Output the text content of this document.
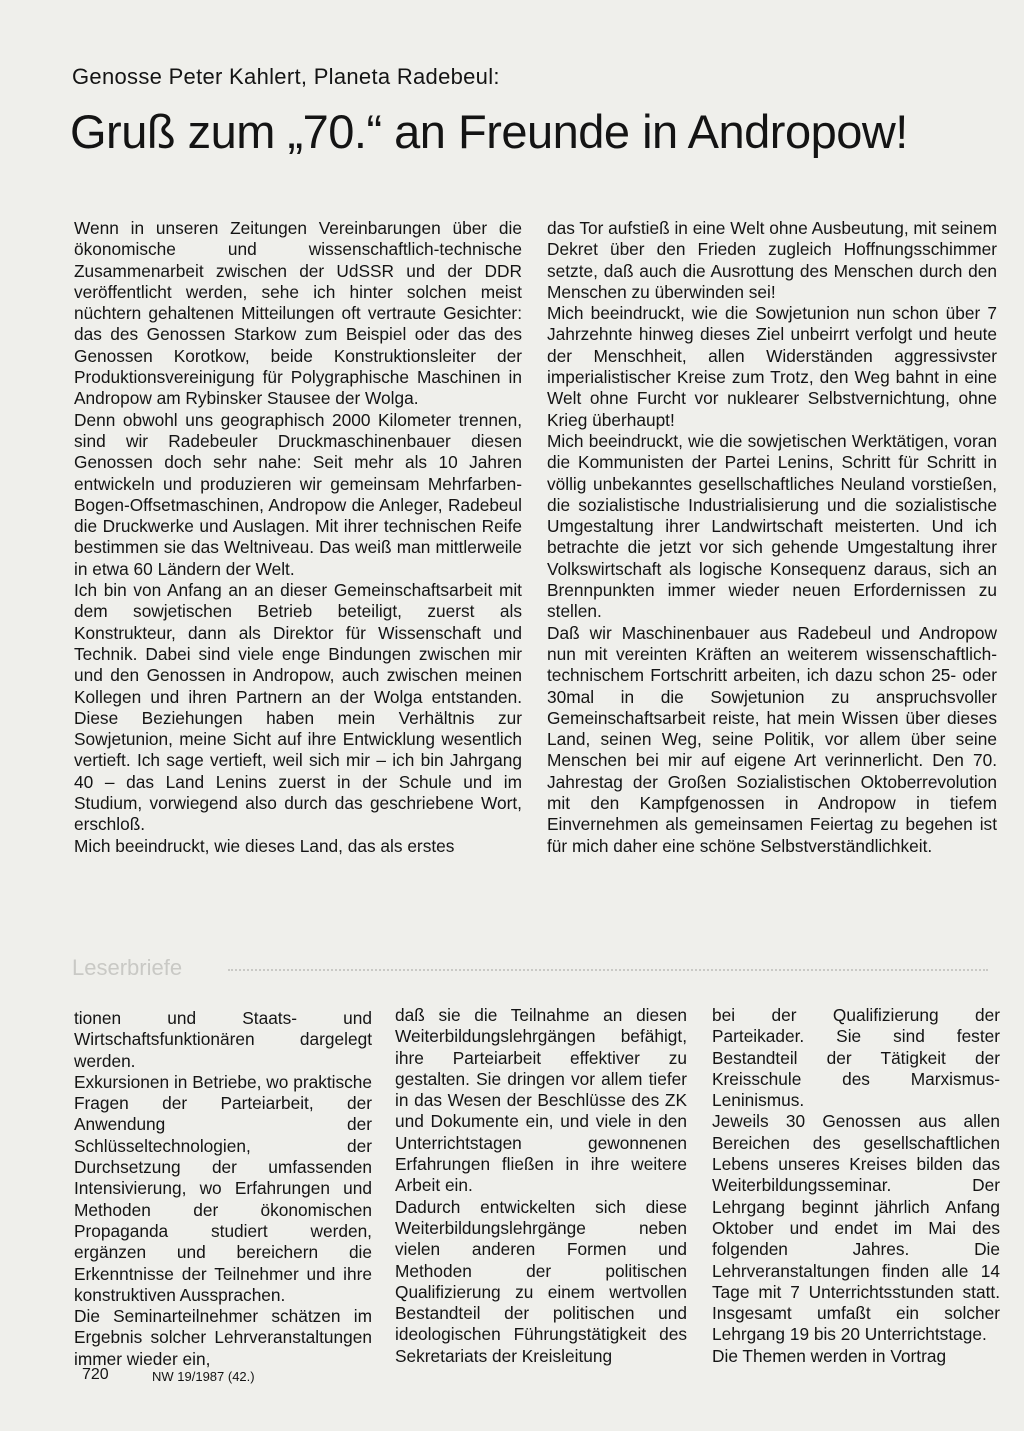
Genosse Peter Kahlert, Planeta Radebeul:

Gruß zum „70.“ an Freunde in Andropow!

Wenn in unseren Zeitungen Vereinbarungen über die ökonomische und wissenschaftlich-technische Zusammenarbeit zwischen der UdSSR und der DDR veröffentlicht werden, sehe ich hinter solchen meist nüchtern gehaltenen Mitteilungen oft vertraute Gesichter: das des Genossen Starkow zum Beispiel oder das des Genossen Korotkow, beide Konstruktionsleiter der Produktionsvereinigung für Polygraphische Maschinen in Andropow am Rybinsker Stausee der Wolga.
Denn obwohl uns geographisch 2000 Kilometer trennen, sind wir Radebeuler Druckmaschinenbauer diesen Genossen doch sehr nahe: Seit mehr als 10 Jahren entwickeln und produzieren wir gemeinsam Mehrfarben-Bogen-Offsetmaschinen, Andropow die Anleger, Radebeul die Druckwerke und Auslagen. Mit ihrer technischen Reife bestimmen sie das Weltniveau. Das weiß man mittlerweile in etwa 60 Ländern der Welt.
Ich bin von Anfang an an dieser Gemeinschaftsarbeit mit dem sowjetischen Betrieb beteiligt, zuerst als Konstrukteur, dann als Direktor für Wissenschaft und Technik. Dabei sind viele enge Bindungen zwischen mir und den Genossen in Andropow, auch zwischen meinen Kollegen und ihren Partnern an der Wolga entstanden. Diese Beziehungen haben mein Verhältnis zur Sowjetunion, meine Sicht auf ihre Entwicklung wesentlich vertieft. Ich sage vertieft, weil sich mir – ich bin Jahrgang 40 – das Land Lenins zuerst in der Schule und im Studium, vorwiegend also durch das geschriebene Wort, erschloß.
Mich beeindruckt, wie dieses Land, das als erstes

das Tor aufstieß in eine Welt ohne Ausbeutung, mit seinem Dekret über den Frieden zugleich Hoffnungsschimmer setzte, daß auch die Ausrottung des Menschen durch den Menschen zu überwinden sei!
Mich beeindruckt, wie die Sowjetunion nun schon über 7 Jahrzehnte hinweg dieses Ziel unbeirrt verfolgt und heute der Menschheit, allen Widerständen aggressivster imperialistischer Kreise zum Trotz, den Weg bahnt in eine Welt ohne Furcht vor nuklearer Selbstvernichtung, ohne Krieg überhaupt!
Mich beeindruckt, wie die sowjetischen Werktätigen, voran die Kommunisten der Partei Lenins, Schritt für Schritt in völlig unbekanntes gesellschaftliches Neuland vorstießen, die sozialistische Industrialisierung und die sozialistische Umgestaltung ihrer Landwirtschaft meisterten. Und ich betrachte die jetzt vor sich gehende Umgestaltung ihrer Volkswirtschaft als logische Konsequenz daraus, sich an Brennpunkten immer wieder neuen Erfordernissen zu stellen.
Daß wir Maschinenbauer aus Radebeul und Andropow nun mit vereinten Kräften an weiterem wissenschaftlich-technischem Fortschritt arbeiten, ich dazu schon 25- oder 30mal in die Sowjetunion zu anspruchsvoller Gemeinschaftsarbeit reiste, hat mein Wissen über dieses Land, seinen Weg, seine Politik, vor allem über seine Menschen bei mir auf eigene Art verinnerlicht. Den 70. Jahrestag der Großen Sozialistischen Oktoberrevolution mit den Kampfgenossen in Andropow in tiefem Einvernehmen als gemeinsamen Feiertag zu begehen ist für mich daher eine schöne Selbstverständlichkeit.

Leserbriefe

tionen und Staats- und Wirtschaftsfunktionären dargelegt werden.
Exkursionen in Betriebe, wo praktische Fragen der Parteiarbeit, der Anwendung der Schlüsseltechnologien, der Durchsetzung der umfassenden Intensivierung, wo Erfahrungen und Methoden der ökonomischen Propaganda studiert werden, ergänzen und bereichern die Erkenntnisse der Teilnehmer und ihre konstruktiven Aussprachen.
Die Seminarteilnehmer schätzen im Ergebnis solcher Lehrveranstaltungen immer wieder ein,

daß sie die Teilnahme an diesen Weiterbildungslehrgängen befähigt, ihre Parteiarbeit effektiver zu gestalten. Sie dringen vor allem tiefer in das Wesen der Beschlüsse des ZK und Dokumente ein, und viele in den Unterrichtstagen gewonnenen Erfahrungen fließen in ihre weitere Arbeit ein.
Dadurch entwickelten sich diese Weiterbildungslehrgänge neben vielen anderen Formen und Methoden der politischen Qualifizierung zu einem wertvollen Bestandteil der politischen und ideologischen Führungstätigkeit des Sekretariats der Kreisleitung

bei der Qualifizierung der Parteikader. Sie sind fester Bestandteil der Tätigkeit der Kreisschule des Marxismus-Leninismus.
Jeweils 30 Genossen aus allen Bereichen des gesellschaftlichen Lebens unseres Kreises bilden das Weiterbildungsseminar. Der Lehrgang beginnt jährlich Anfang Oktober und endet im Mai des folgenden Jahres. Die Lehrveranstaltungen finden alle 14 Tage mit 7 Unterrichtsstunden statt. Insgesamt umfaßt ein solcher Lehrgang 19 bis 20 Unterrichtstage.
Die Themen werden in Vortrag

720	NW 19/1987 (42.)
